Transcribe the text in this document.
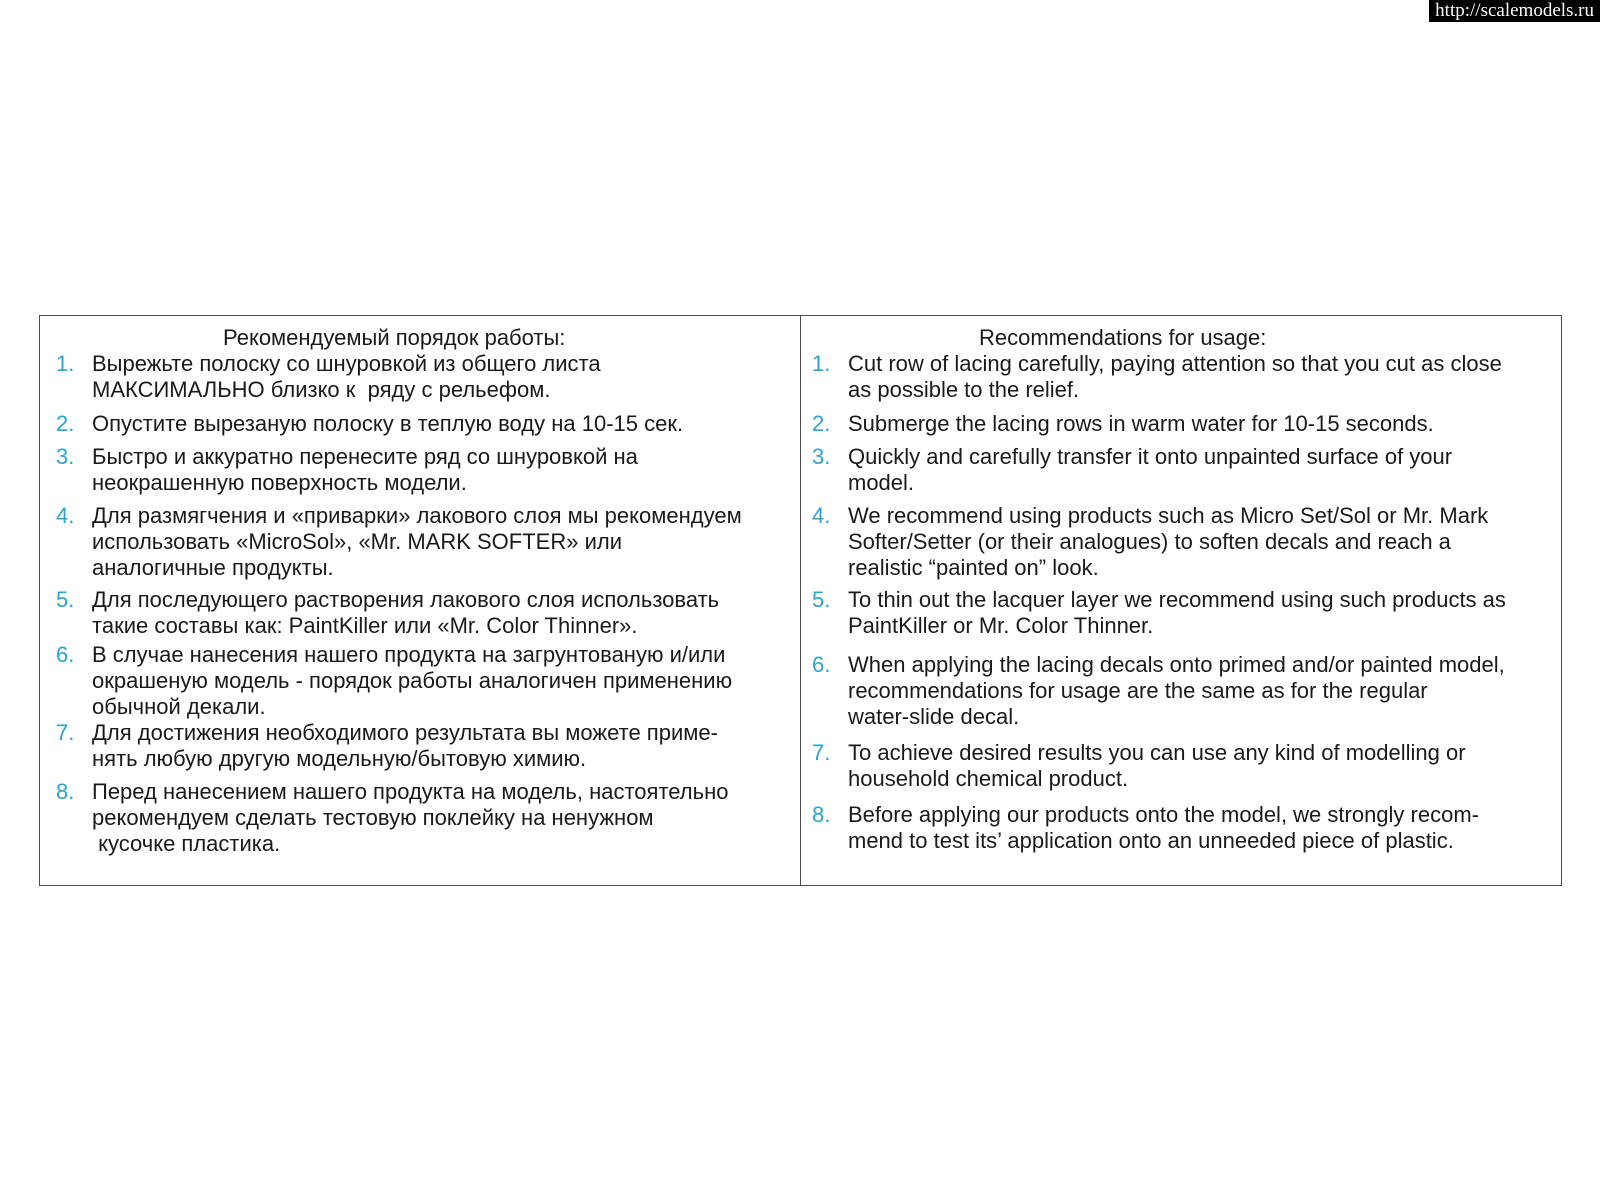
http://scalemodels.ru

Рекомендуемый порядок работы:

1. Вырежьте полоску со шнуровкой из общего листа
МАКСИМАЛЬНО близко к  ряду с рельефом.
2. Опустите вырезаную полоску в теплую воду на 10-15 сек.
3. Быстро и аккуратно перенесите ряд со шнуровкой на
неокрашенную поверхность модели.
4. Для размягчения и «приварки» лакового слоя мы рекомендуем
использовать «MicroSol», «Mr. MARK SOFTER» или
аналогичные продукты.
5. Для последующего растворения лакового слоя использовать
такие составы как: PaintKiller или «Mr. Color Thinner».
6. В случае нанесения нашего продукта на загрунтованую и/или
окрашеную модель - порядок работы аналогичен применению
обычной декали.
7. Для достижения необходимого результата вы можете приме-
нять любую другую модельную/бытовую химию.
8. Перед нанесением нашего продукта на модель, настоятельно
рекомендуем сделать тестовую поклейку на ненужном
кусочке пластика.

Recommendations for usage:

1. Cut row of lacing carefully, paying attention so that you cut as close
as possible to the relief.
2. Submerge the lacing rows in warm water for 10-15 seconds.
3. Quickly and carefully transfer it onto unpainted surface of your
model.
4. We recommend using products such as Micro Set/Sol or Mr. Mark
Softer/Setter (or their analogues) to soften decals and reach a
realistic “painted on” look.
5. To thin out the lacquer layer we recommend using such products as
PaintKiller or Mr. Color Thinner.
6. When applying the lacing decals onto primed and/or painted model,
recommendations for usage are the same as for the regular
water-slide decal.
7. To achieve desired results you can use any kind of modelling or
household chemical product.
8. Before applying our products onto the model, we strongly recom-
mend to test its’ application onto an unneeded piece of plastic.
